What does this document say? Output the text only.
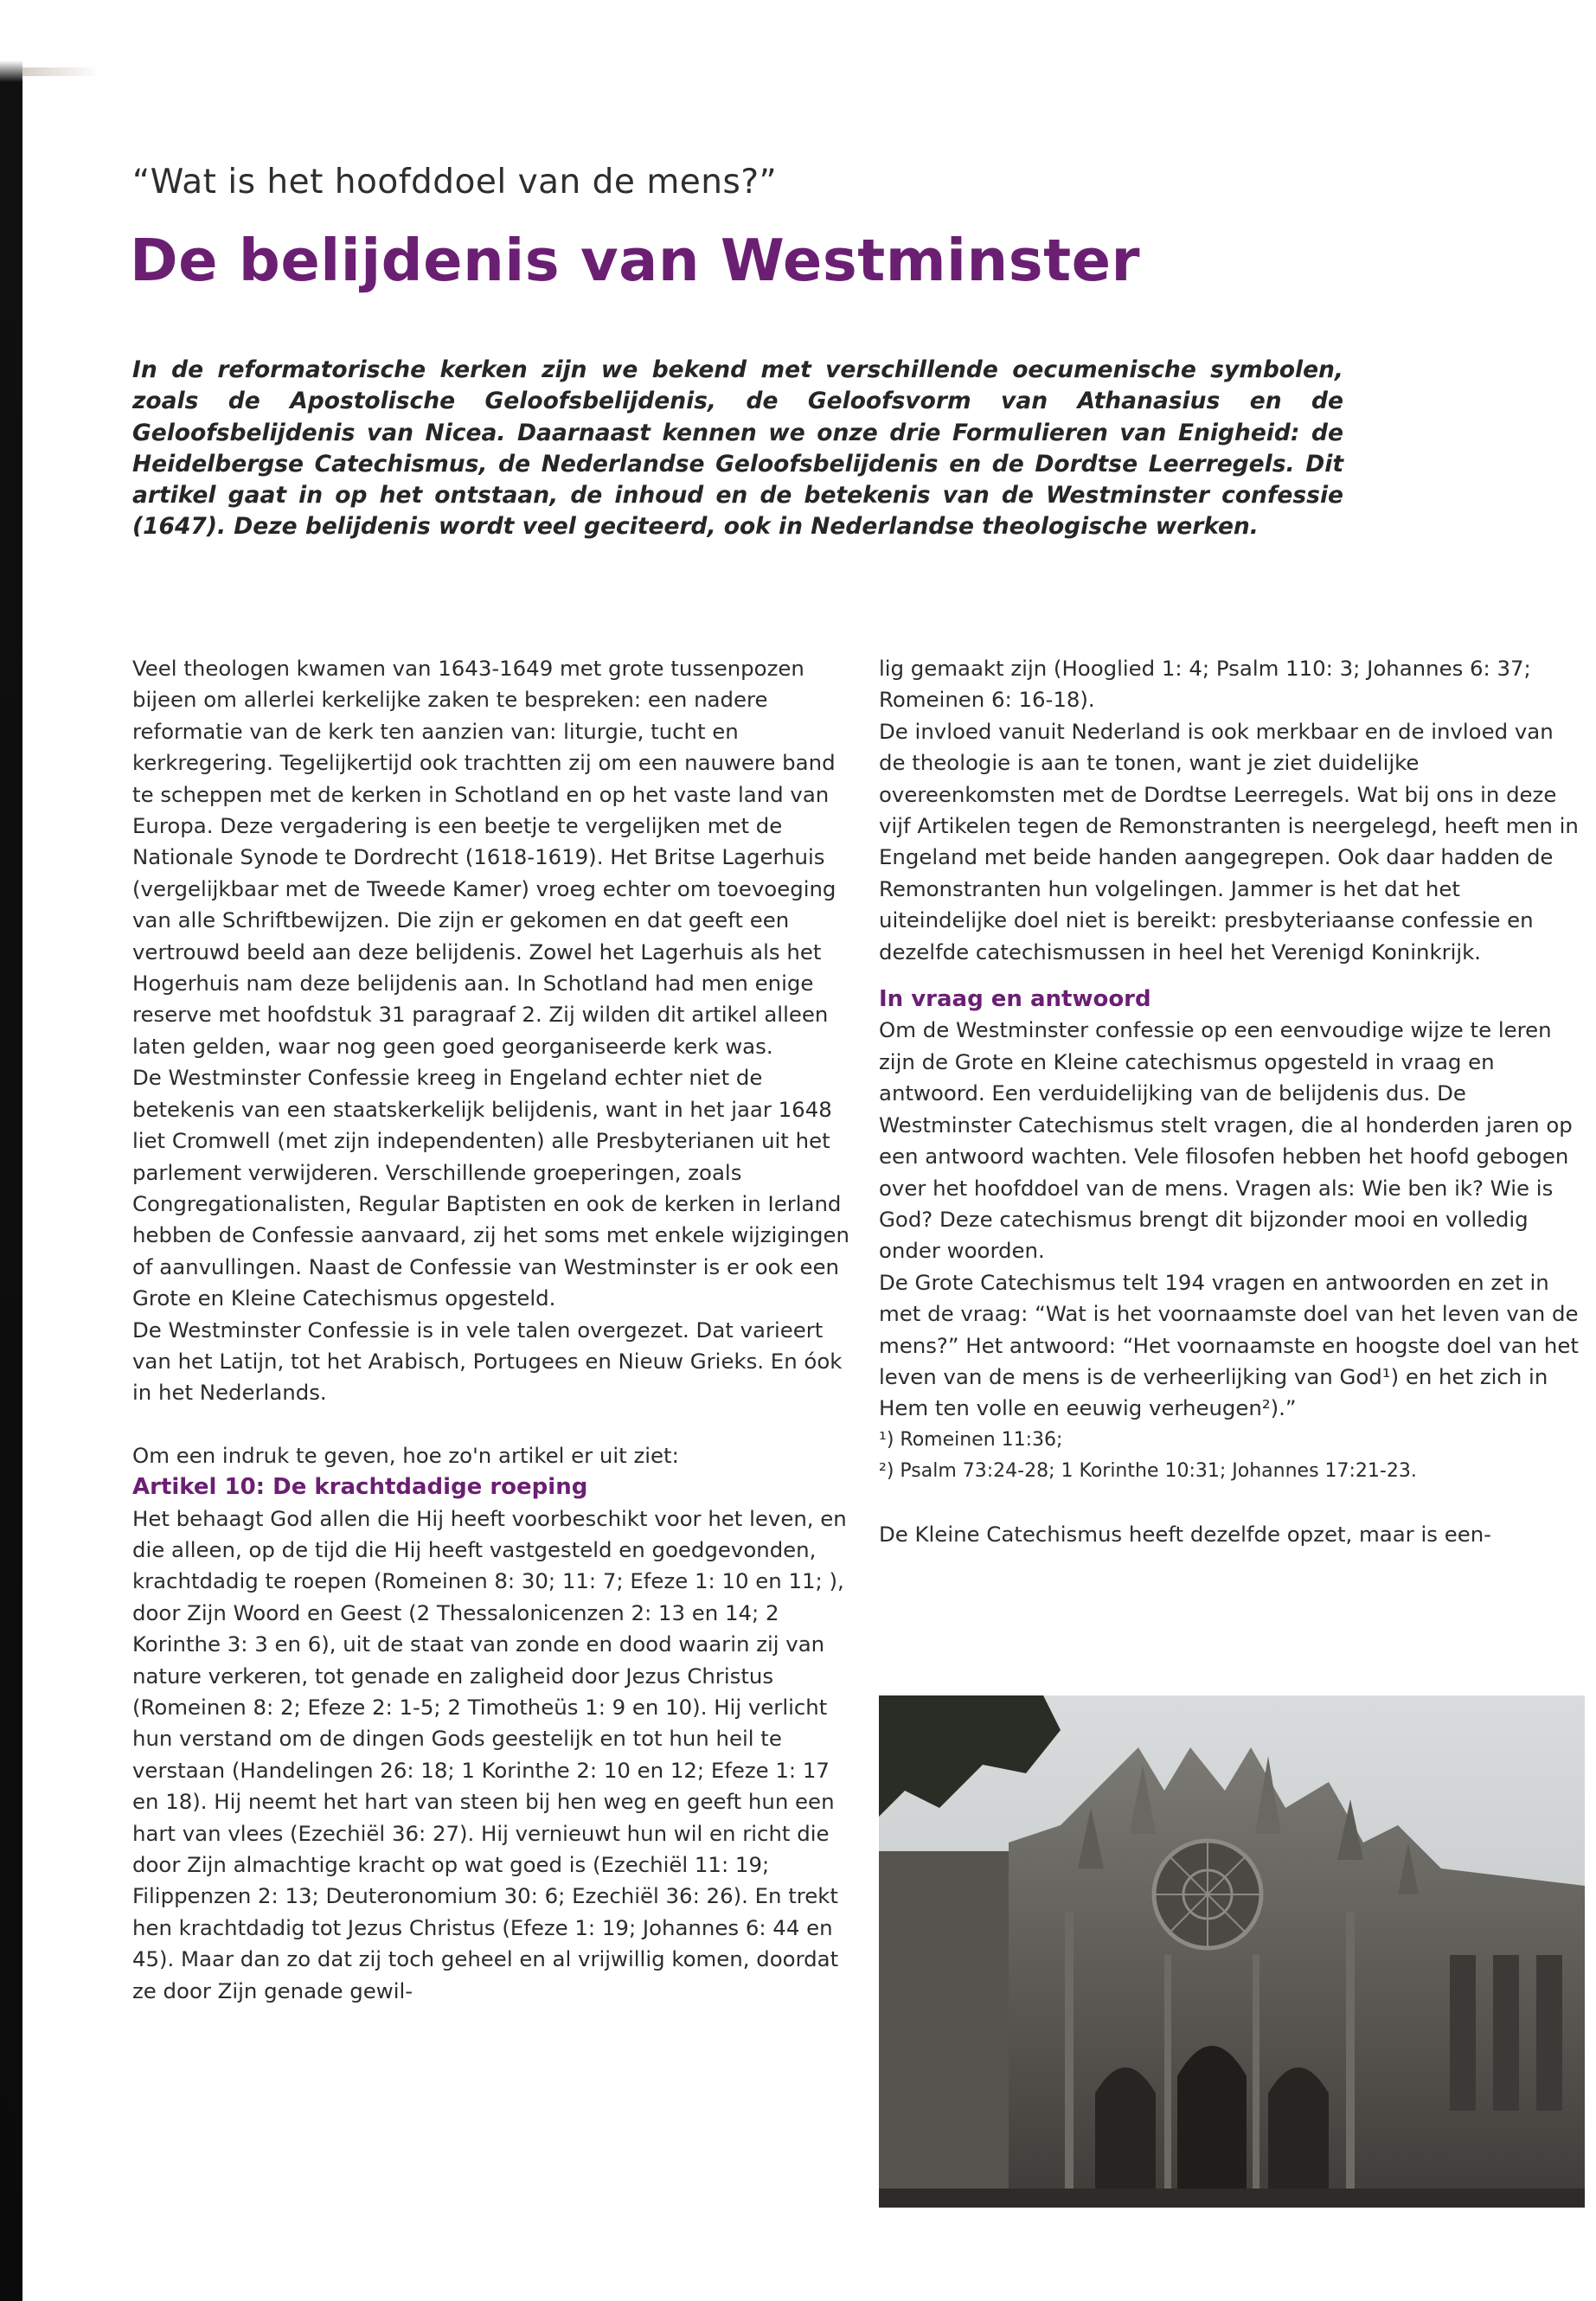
“Wat is het hoofddoel van de mens?”
De belijdenis van Westminster
In de reformatorische kerken zijn we bekend met verschillende oecumenische symbolen, zoals de Apostolische Geloofsbelijdenis, de Geloofsvorm van Athanasius en de Geloofsbelijdenis van Nicea. Daarnaast kennen we onze drie Formulieren van Enigheid: de Heidelbergse Catechismus, de Nederlandse Geloofsbelijdenis en de Dordtse Leerregels. Dit artikel gaat in op het ontstaan, de inhoud en de betekenis van de Westminster confessie (1647). Deze belijdenis wordt veel geciteerd, ook in Nederlandse theologische werken.

Veel theologen kwamen van 1643-1649 met grote tussenpozen bijeen om allerlei kerkelijke zaken te bespreken: een nadere reformatie van de kerk ten aanzien van: liturgie, tucht en kerkregering. Tegelijkertijd ook trachtten zij om een nauwere band te scheppen met de kerken in Schotland en op het vaste land van Europa. Deze vergadering is een beetje te vergelijken met de Nationale Synode te Dordrecht (1618-1619). Het Britse Lagerhuis (vergelijkbaar met de Tweede Kamer) vroeg echter om toevoeging van alle Schriftbewijzen. Die zijn er gekomen en dat geeft een vertrouwd beeld aan deze belijdenis. Zowel het Lagerhuis als het Hogerhuis nam deze belijdenis aan. In Schotland had men enige reserve met hoofdstuk 31 paragraaf 2. Zij wilden dit artikel alleen laten gelden, waar nog geen goed georganiseerde kerk was.

De Westminster Confessie kreeg in Engeland echter niet de betekenis van een staatskerkelijk belijdenis, want in het jaar 1648 liet Cromwell (met zijn independenten) alle Presbyterianen uit het parlement verwijderen. Verschillende groeperingen, zoals Congregationalisten, Regular Baptisten en ook de kerken in Ierland hebben de Confessie aanvaard, zij het soms met enkele wijzigingen of aanvullingen. Naast de Confessie van Westminster is er ook een Grote en Kleine Catechismus opgesteld.

De Westminster Confessie is in vele talen overgezet. Dat varieert van het Latijn, tot het Arabisch, Portugees en Nieuw Grieks. En óok in het Nederlands.

Om een indruk te geven, hoe zo'n artikel er uit ziet:

Artikel 10: De krachtdadige roeping

Het behaagt God allen die Hij heeft voorbeschikt voor het leven, en die alleen, op de tijd die Hij heeft vastgesteld en goedgevonden, krachtdadig te roepen (Romeinen 8: 30; 11: 7; Efeze 1: 10 en 11; ), door Zijn Woord en Geest (2 Thessalonicenzen 2: 13 en 14; 2 Korinthe 3: 3 en 6), uit de staat van zonde en dood waarin zij van nature verkeren, tot genade en zaligheid door Jezus Christus (Romeinen 8: 2; Efeze 2: 1-5; 2 Timotheüs 1: 9 en 10). Hij verlicht hun verstand om de dingen Gods geestelijk en tot hun heil te verstaan (Handelingen 26: 18; 1 Korinthe 2: 10 en 12; Efeze 1: 17 en 18). Hij neemt het hart van steen bij hen weg en geeft hun een hart van vlees (Ezechiël 36: 27). Hij vernieuwt hun wil en richt die door Zijn almachtige kracht op wat goed is (Ezechiël 11: 19; Filippenzen 2: 13; Deuteronomium 30: 6; Ezechiël 36: 26). En trekt hen krachtdadig tot Jezus Christus (Efeze 1: 19; Johannes 6: 44 en 45). Maar dan zo dat zij toch geheel en al vrijwillig komen, doordat ze door Zijn genade gewil-

lig gemaakt zijn (Hooglied 1: 4; Psalm 110: 3; Johannes 6: 37; Romeinen 6: 16-18).

De invloed vanuit Nederland is ook merkbaar en de invloed van de theologie is aan te tonen, want je ziet duidelijke overeenkomsten met de Dordtse Leerregels. Wat bij ons in deze vijf Artikelen tegen de Remonstranten is neergelegd, heeft men in Engeland met beide handen aangegrepen. Ook daar hadden de Remonstranten hun volgelingen. Jammer is het dat het uiteindelijke doel niet is bereikt: presbyteriaanse confessie en dezelfde catechismussen in heel het Verenigd Koninkrijk.

In vraag en antwoord

Om de Westminster confessie op een eenvoudige wijze te leren zijn de Grote en Kleine catechismus opgesteld in vraag en antwoord. Een verduidelijking van de belijdenis dus. De Westminster Catechismus stelt vragen, die al honderden jaren op een antwoord wachten. Vele filosofen hebben het hoofd gebogen over het hoofddoel van de mens. Vragen als: Wie ben ik? Wie is God? Deze catechismus brengt dit bijzonder mooi en volledig onder woorden.

De Grote Catechismus telt 194 vragen en antwoorden en zet in met de vraag: “Wat is het voornaamste doel van het leven van de mens?” Het antwoord: “Het voornaamste en hoogste doel van het leven van de mens is de verheerlijking van God¹) en het zich in Hem ten volle en eeuwig verheugen²).”

¹) Romeinen 11:36;

²) Psalm 73:24-28; 1 Korinthe 10:31; Johannes 17:21-23.

De Kleine Catechismus heeft dezelfde opzet, maar is een-
